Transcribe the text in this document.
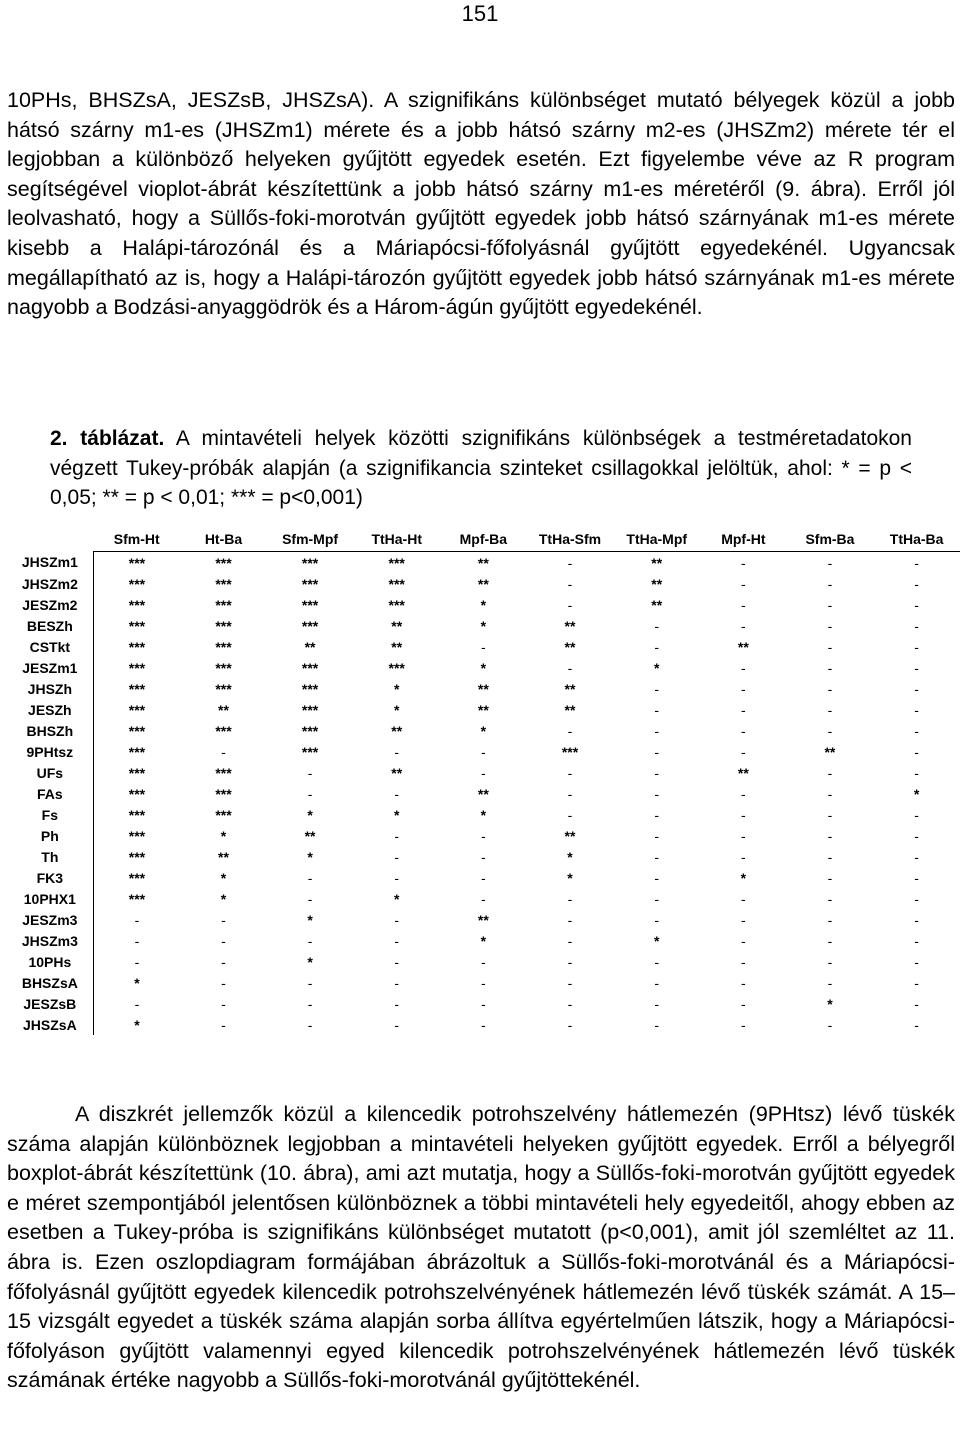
151

10PHs, BHSZsA, JESZsB, JHSZsA). A szignifikáns különbséget mutató bélyegek közül a jobb hátsó szárny m1-es (JHSZm1) mérete és a jobb hátsó szárny m2-es (JHSZm2) mérete tér el legjobban a különböző helyeken gyűjtött egyedek esetén. Ezt figyelembe véve az R program segítségével vioplot-ábrát készítettünk a jobb hátsó szárny m1-es méretéről (9. ábra). Erről jól leolvasható, hogy a Süllős-foki-morotván gyűjtött egyedek jobb hátsó szárnyának m1-es mérete kisebb a Halápi-tározónál és a Máriapócsi-főfolyásnál gyűjtött egyedekénél. Ugyancsak megállapítható az is, hogy a Halápi-tározón gyűjtött egyedek jobb hátsó szárnyának m1-es mérete nagyobb a Bodzási-anyaggödrök és a Három-ágún gyűjtött egyedekénél.

2. táblázat. A mintavételi helyek közötti szignifikáns különbségek a testméretadatokon végzett Tukey-próbák alapján (a szignifikancia szinteket csillagokkal jelöltük, ahol: * = p < 0,05; ** = p < 0,01; *** = p<0,001)

	Sfm-Ht	Ht-Ba	Sfm-Mpf	TtHa-Ht	Mpf-Ba	TtHa-Sfm	TtHa-Mpf	Mpf-Ht	Sfm-Ba	TtHa-Ba
JHSZm1	***	***	***	***	**	-	**	-	-	-
JHSZm2	***	***	***	***	**	-	**	-	-	-
JESZm2	***	***	***	***	*	-	**	-	-	-
BESZh	***	***	***	**	*	**	-	-	-	-
CSTkt	***	***	**	**	-	**	-	**	-	-
JESZm1	***	***	***	***	*	-	*	-	-	-
JHSZh	***	***	***	*	**	**	-	-	-	-
JESZh	***	**	***	*	**	**	-	-	-	-
BHSZh	***	***	***	**	*	-	-	-	-	-
9PHtsz	***	-	***	-	-	***	-	-	**	-
UFs	***	***	-	**	-	-	-	**	-	-
FAs	***	***	-	-	**	-	-	-	-	*
Fs	***	***	*	*	*	-	-	-	-	-
Ph	***	*	**	-	-	**	-	-	-	-
Th	***	**	*	-	-	*	-	-	-	-
FK3	***	*	-	-	-	*	-	*	-	-
10PHX1	***	*	-	*	-	-	-	-	-	-
JESZm3	-	-	*	-	**	-	-	-	-	-
JHSZm3	-	-	-	-	*	-	*	-	-	-
10PHs	-	-	*	-	-	-	-	-	-	-
BHSZsA	*	-	-	-	-	-	-	-	-	-
JESZsB	-	-	-	-	-	-	-	-	*	-
JHSZsA	*	-	-	-	-	-	-	-	-	-

A diszkrét jellemzők közül a kilencedik potrohszelvény hátlemezén (9PHtsz) lévő tüskék száma alapján különböznek legjobban a mintavételi helyeken gyűjtött egyedek. Erről a bélyegről boxplot-ábrát készítettünk (10. ábra), ami azt mutatja, hogy a Süllős-foki-morotván gyűjtött egyedek e méret szempontjából jelentősen különböznek a többi mintavételi hely egyedeitől, ahogy ebben az esetben a Tukey-próba is szignifikáns különbséget mutatott (p<0,001), amit jól szemléltet az 11. ábra is. Ezen oszlopdiagram formájában ábrázoltuk a Süllős-foki-morotvánál és a Máriapócsi-főfolyásnál gyűjtött egyedek kilencedik potrohszelvényének hátlemezén lévő tüskék számát. A 15–15 vizsgált egyedet a tüskék száma alapján sorba állítva egyértelműen látszik, hogy a Máriapócsi-főfolyáson gyűjtött valamennyi egyed kilencedik potrohszelvényének hátlemezén lévő tüskék számának értéke nagyobb a Süllős-foki-morotvánál gyűjtöttekénél.
